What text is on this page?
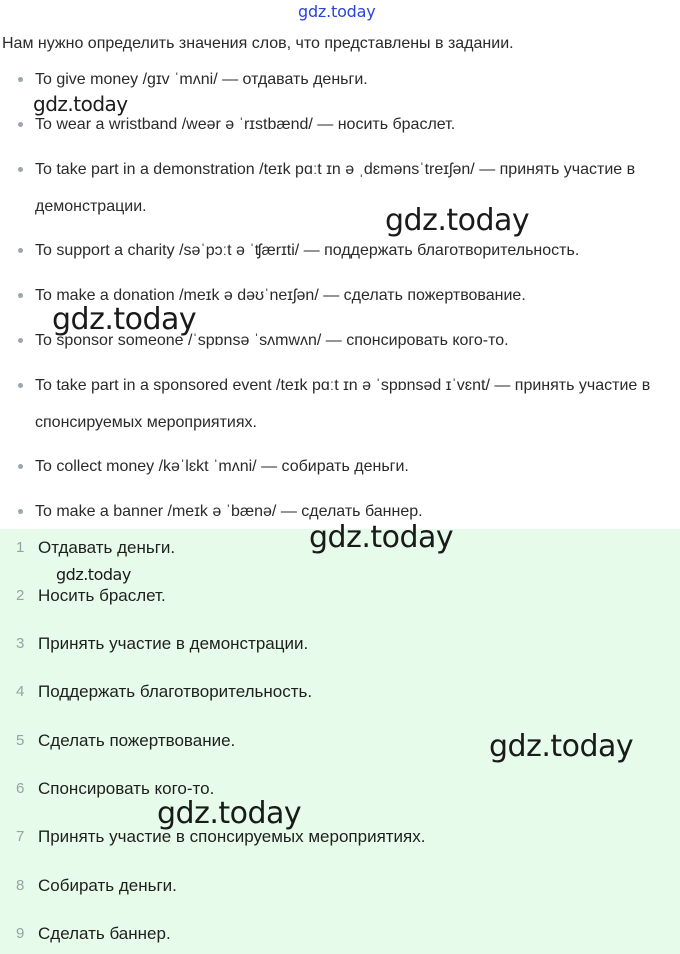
gdz.today

Нам нужно определить значения слов, что представлены в задании.

To give money /gɪv ˈmʌni/ — отдавать деньги.
To wear a wristband /weər ə ˈrɪstbænd/ — носить браслет.
To take part in a demonstration /teɪk pɑːt ɪn ə ˌdɛmənsˈtreɪʃən/ — принять участие в демонстрации.
To support a charity /səˈpɔːt ə ˈʧærɪti/ — поддержать благотворительность.
To make a donation /meɪk ə dəʊˈneɪʃən/ — сделать пожертвование.
To sponsor someone /ˈspɒnsə ˈsʌmwʌn/ — спонсировать кого-то.
To take part in a sponsored event /teɪk pɑːt ɪn ə ˈspɒnsəd ɪˈvɛnt/ — принять участие в спонсируемых мероприятиях.
To collect money /kəˈlɛkt ˈmʌni/ — собирать деньги.
To make a banner /meɪk ə ˈbænə/ — сделать баннер.
1 Отдавать деньги.
2 Носить браслет.
3 Принять участие в демонстрации.
4 Поддержать благотворительность.
5 Сделать пожертвование.
6 Спонсировать кого-то.
7 Принять участие в спонсируемых мероприятиях.
8 Собирать деньги.
9 Сделать баннер.
gdz.today
gdz.today
gdz.today
gdz.today
gdz.today
gdz.today
gdz.today
